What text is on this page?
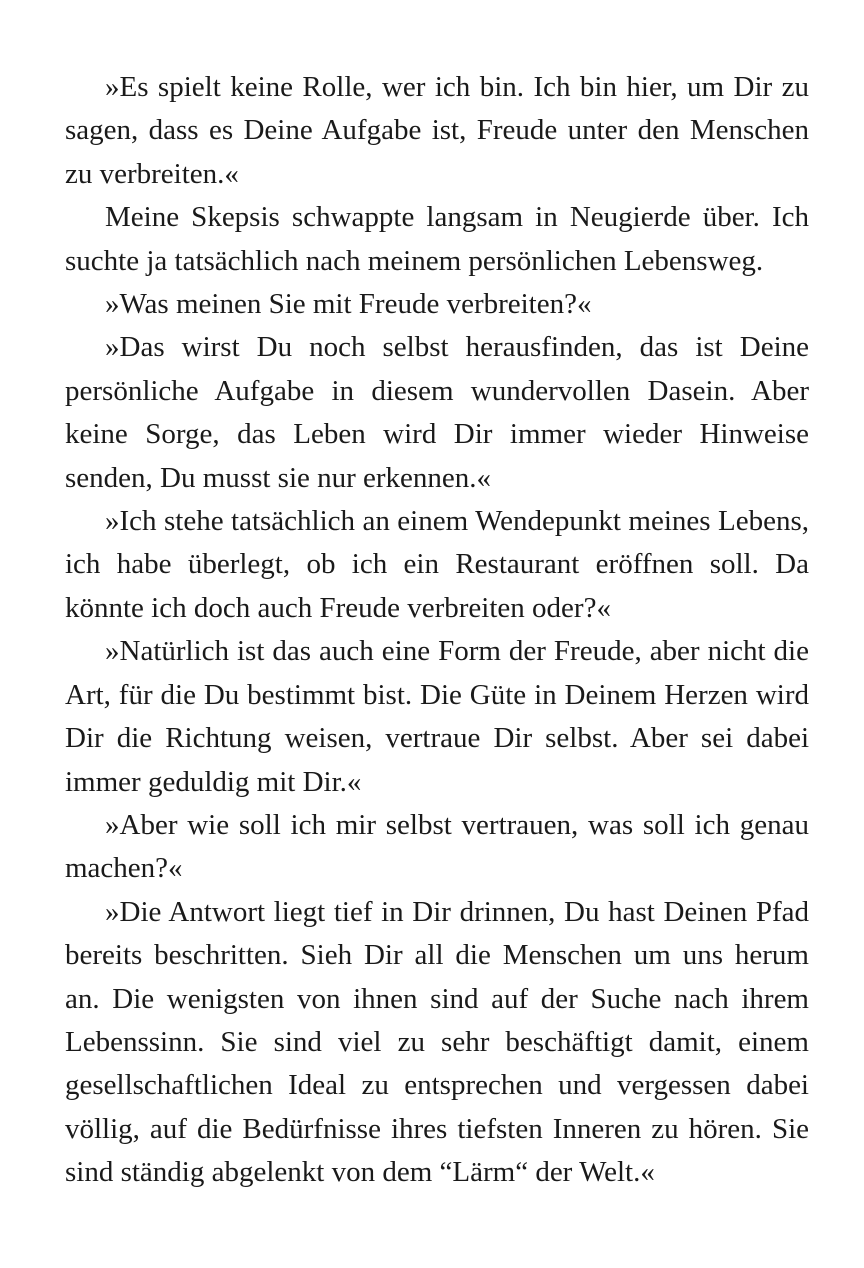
»Es spielt keine Rolle, wer ich bin. Ich bin hier, um Dir zu sagen, dass es Deine Aufgabe ist, Freude unter den Menschen zu verbreiten.«

Meine Skepsis schwappte langsam in Neugierde über. Ich suchte ja tatsächlich nach meinem persönlichen Lebensweg.

»Was meinen Sie mit Freude verbreiten?«

»Das wirst Du noch selbst herausfinden, das ist Deine persönliche Aufgabe in diesem wundervollen Dasein. Aber keine Sorge, das Leben wird Dir immer wieder Hinweise senden, Du musst sie nur erkennen.«

»Ich stehe tatsächlich an einem Wendepunkt meines Lebens, ich habe überlegt, ob ich ein Restaurant eröffnen soll. Da könnte ich doch auch Freude verbreiten oder?«

»Natürlich ist das auch eine Form der Freude, aber nicht die Art, für die Du bestimmt bist. Die Güte in Deinem Herzen wird Dir die Richtung weisen, vertraue Dir selbst. Aber sei dabei immer geduldig mit Dir.«

»Aber wie soll ich mir selbst vertrauen, was soll ich genau machen?«

»Die Antwort liegt tief in Dir drinnen, Du hast Deinen Pfad bereits beschritten. Sieh Dir all die Menschen um uns herum an. Die wenigsten von ihnen sind auf der Suche nach ihrem Lebenssinn. Sie sind viel zu sehr beschäftigt damit, einem gesellschaftlichen Ideal zu entsprechen und vergessen dabei völlig, auf die Bedürfnisse ihres tiefsten Inneren zu hören. Sie sind ständig abgelenkt von dem “Lärm“ der Welt.«
